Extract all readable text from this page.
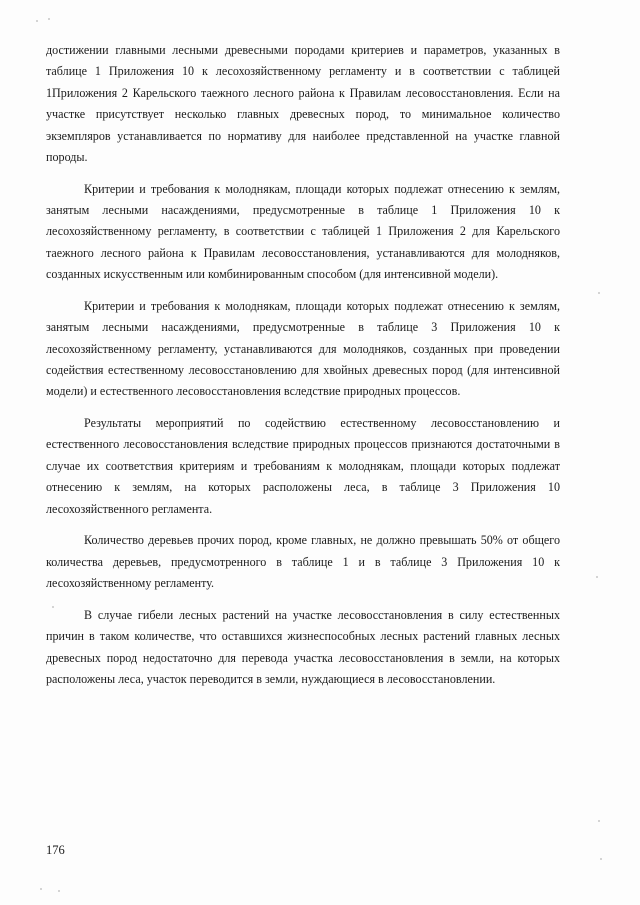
достижении главными лесными древесными породами критериев и параметров, указанных в таблице 1 Приложения 10 к лесохозяйственному регламенту и в соответствии с таблицей 1Приложения 2 Карельского таежного лесного района к Правилам лесовосстановления. Если на участке присутствует несколько главных древесных пород, то минимальное количество экземпляров устанавливается по нормативу для наиболее представленной на участке главной породы.

Критерии и требования к молоднякам, площади которых подлежат отнесению к землям, занятым лесными насаждениями, предусмотренные в таблице 1 Приложения 10 к лесохозяйственному регламенту, в соответствии с таблицей 1 Приложения 2 для Карельского таежного лесного района к Правилам лесовосстановления, устанавливаются для молодняков, созданных искусственным или комбинированным способом (для интенсивной модели).

Критерии и требования к молоднякам, площади которых подлежат отнесению к землям, занятым лесными насаждениями, предусмотренные в таблице 3 Приложения 10 к лесохозяйственному регламенту, устанавливаются для молодняков, созданных при проведении содействия естественному лесовосстановлению для хвойных древесных пород (для интенсивной модели) и естественного лесовосстановления вследствие природных процессов.

Результаты мероприятий по содействию естественному лесовосстановлению и естественного лесовосстановления вследствие природных процессов признаются достаточными в случае их соответствия критериям и требованиям к молоднякам, площади которых подлежат отнесению к землям, на которых расположены леса, в таблице 3 Приложения 10 лесохозяйственного регламента.

Количество деревьев прочих пород, кроме главных, не должно превышать 50% от общего количества деревьев, предусмотренного в таблице 1 и в таблице 3 Приложения 10 к лесохозяйственному регламенту.

В случае гибели лесных растений на участке лесовосстановления в силу естественных причин в таком количестве, что оставшихся жизнеспособных лесных растений главных лесных древесных пород недостаточно для перевода участка лесовосстановления в земли, на которых расположены леса, участок переводится в земли, нуждающиеся в лесовосстановлении.

176
